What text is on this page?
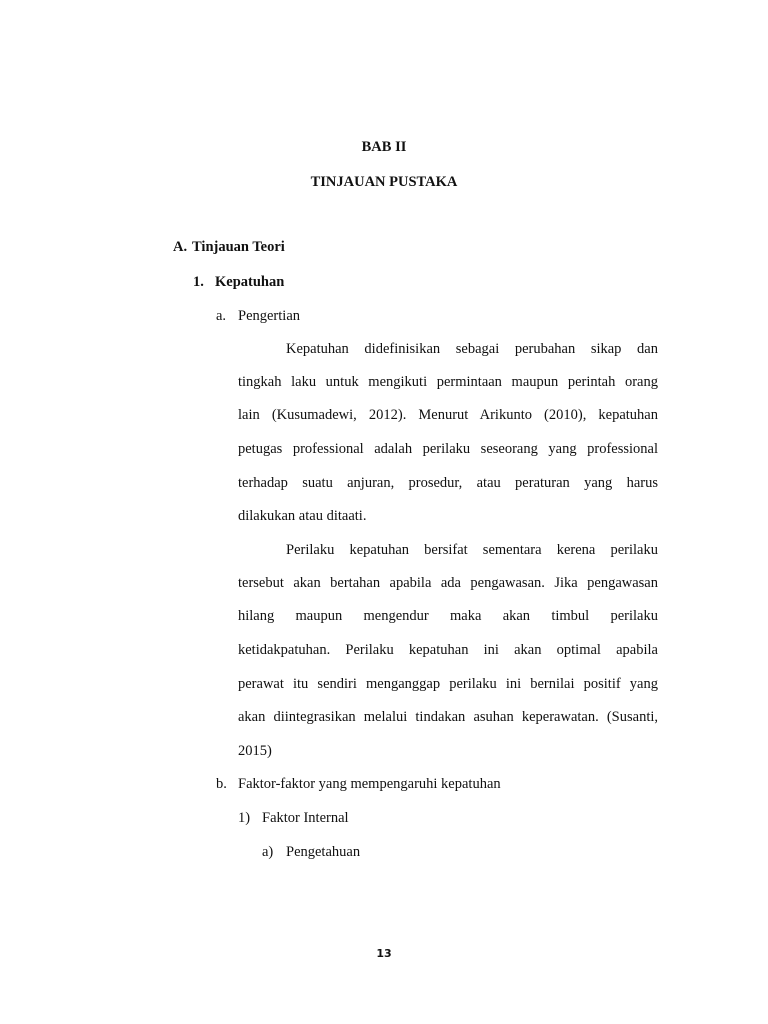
BAB II
TINJAUAN PUSTAKA
A. Tinjauan Teori
1. Kepatuhan
a. Pengertian
Kepatuhan didefinisikan sebagai perubahan sikap dan
tingkah laku untuk mengikuti permintaan maupun perintah orang
lain (Kusumadewi, 2012). Menurut Arikunto (2010), kepatuhan
petugas professional adalah perilaku seseorang yang professional
terhadap suatu anjuran, prosedur, atau peraturan yang harus
dilakukan atau ditaati.
Perilaku kepatuhan bersifat sementara kerena perilaku
tersebut akan bertahan apabila ada pengawasan. Jika pengawasan
hilang maupun mengendur maka akan timbul perilaku
ketidakpatuhan. Perilaku kepatuhan ini akan optimal apabila
perawat itu sendiri menganggap perilaku ini bernilai positif yang
akan diintegrasikan melalui tindakan asuhan keperawatan. (Susanti,
2015)
b. Faktor-faktor yang mempengaruhi kepatuhan
1) Faktor Internal
a) Pengetahuan
13
